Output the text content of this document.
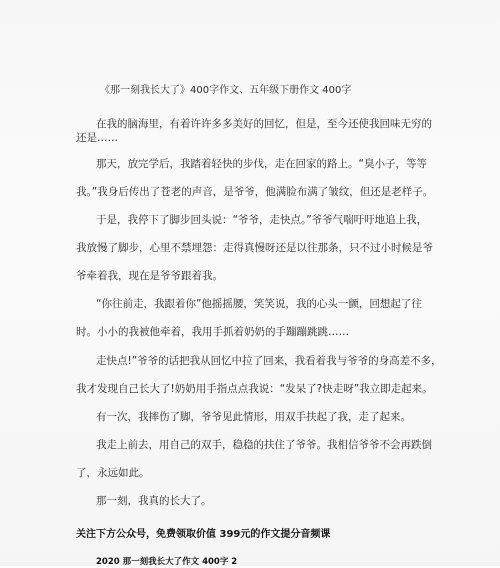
《那一刻我长大了》400字作文、五年级下册作文 400字
在我的脑海里，有着许许多多美好的回忆，但是，至今还使我回味无穷的
还是……
那天，放完学后，我踏着轻快的步伐，走在回家的路上。“臭小子，等等
我。”我身后传出了苍老的声音，是爷爷，他满脸布满了皱纹，但还是老样子。
于是，我停下了脚步回头说：“爷爷，走快点。”爷爷气喘吁吁地追上我，
我放慢了脚步，心里不禁埋怨：走得真慢呀还是以往那条，只不过小时候是爷
爷牵着我，现在是爷爷跟着我。
“你往前走，我跟着你”他摇摇腰，笑笑说，我的心头一颤，回想起了往
时。小小的我被他牵着，我用手抓着奶奶的手蹦蹦跳跳……
走快点!”爷爷的话把我从回忆中拉了回来，我看着我与爷爷的身高差不多，
我才发现自己长大了!奶奶用手指点点我说：“发呆了?快走呀”我立即走起来。
有一次，我摔伤了脚，爷爷见此情形，用双手扶起了我，走了起来。
我走上前去，用自己的双手，稳稳的扶住了爷爷。我相信爷爷不会再跌倒
了，永远如此。
那一刻，我真的长大了。
关注下方公众号，免费领取价值 399元的作文提分音频课
2020 那一刻我长大了作文 400字 2
